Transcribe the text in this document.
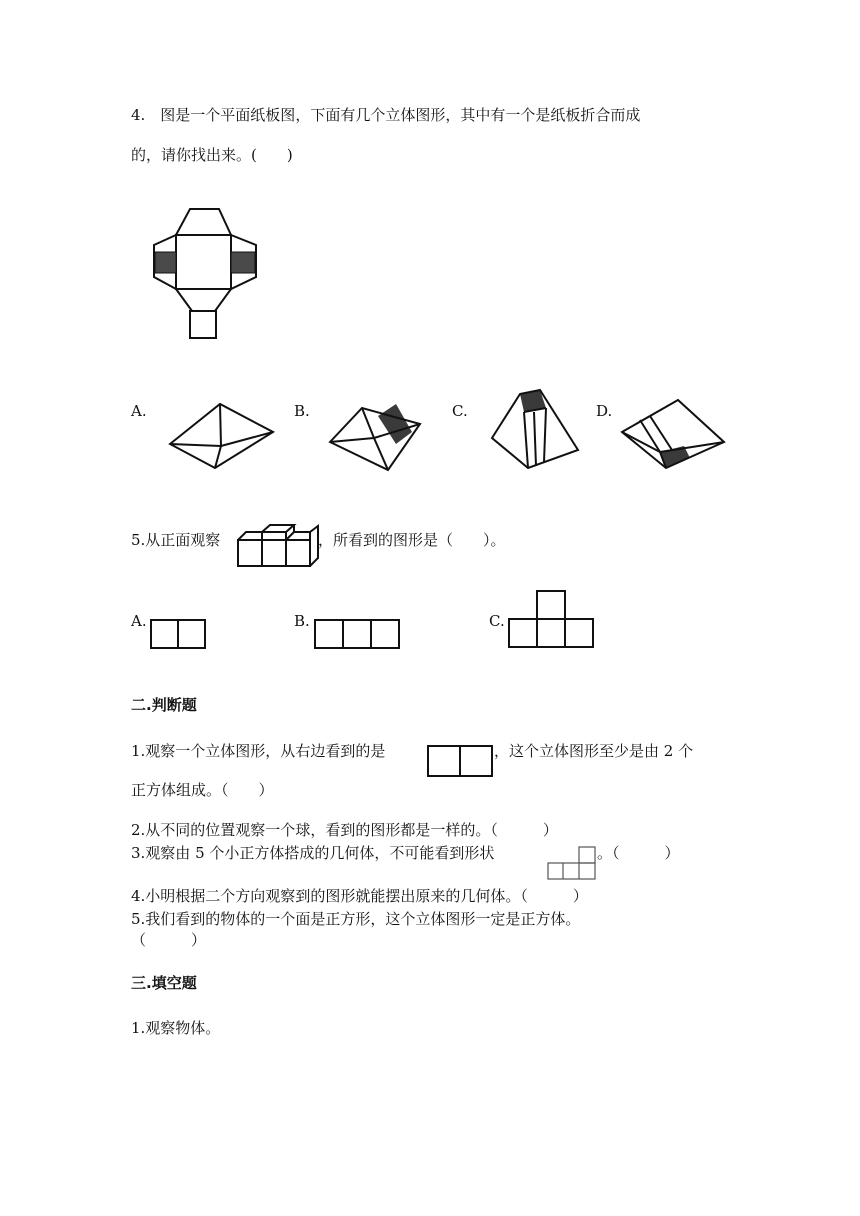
4.　图是一个平面纸板图，下面有几个立体图形，其中有一个是纸板折合而成
的，请你找出来。(　　)
A.	B.	C.	D.
5.从正面观察	，所看到的图形是（　　）。
A.	B.	C.
二.判断题
1.观察一个立体图形，从右边看到的是	，这个立体图形至少是由 2 个
正方体组成。（　　）
2.从不同的位置观察一个球，看到的图形都是一样的。（　　　）
3.观察由 5 个小正方体搭成的几何体，不可能看到形状	。（　　　）
4.小明根据二个方向观察到的图形就能摆出原来的几何体。（　　　）
5.我们看到的物体的一个面是正方形，这个立体图形一定是正方体。
（　　　）
三.填空题
1.观察物体。
